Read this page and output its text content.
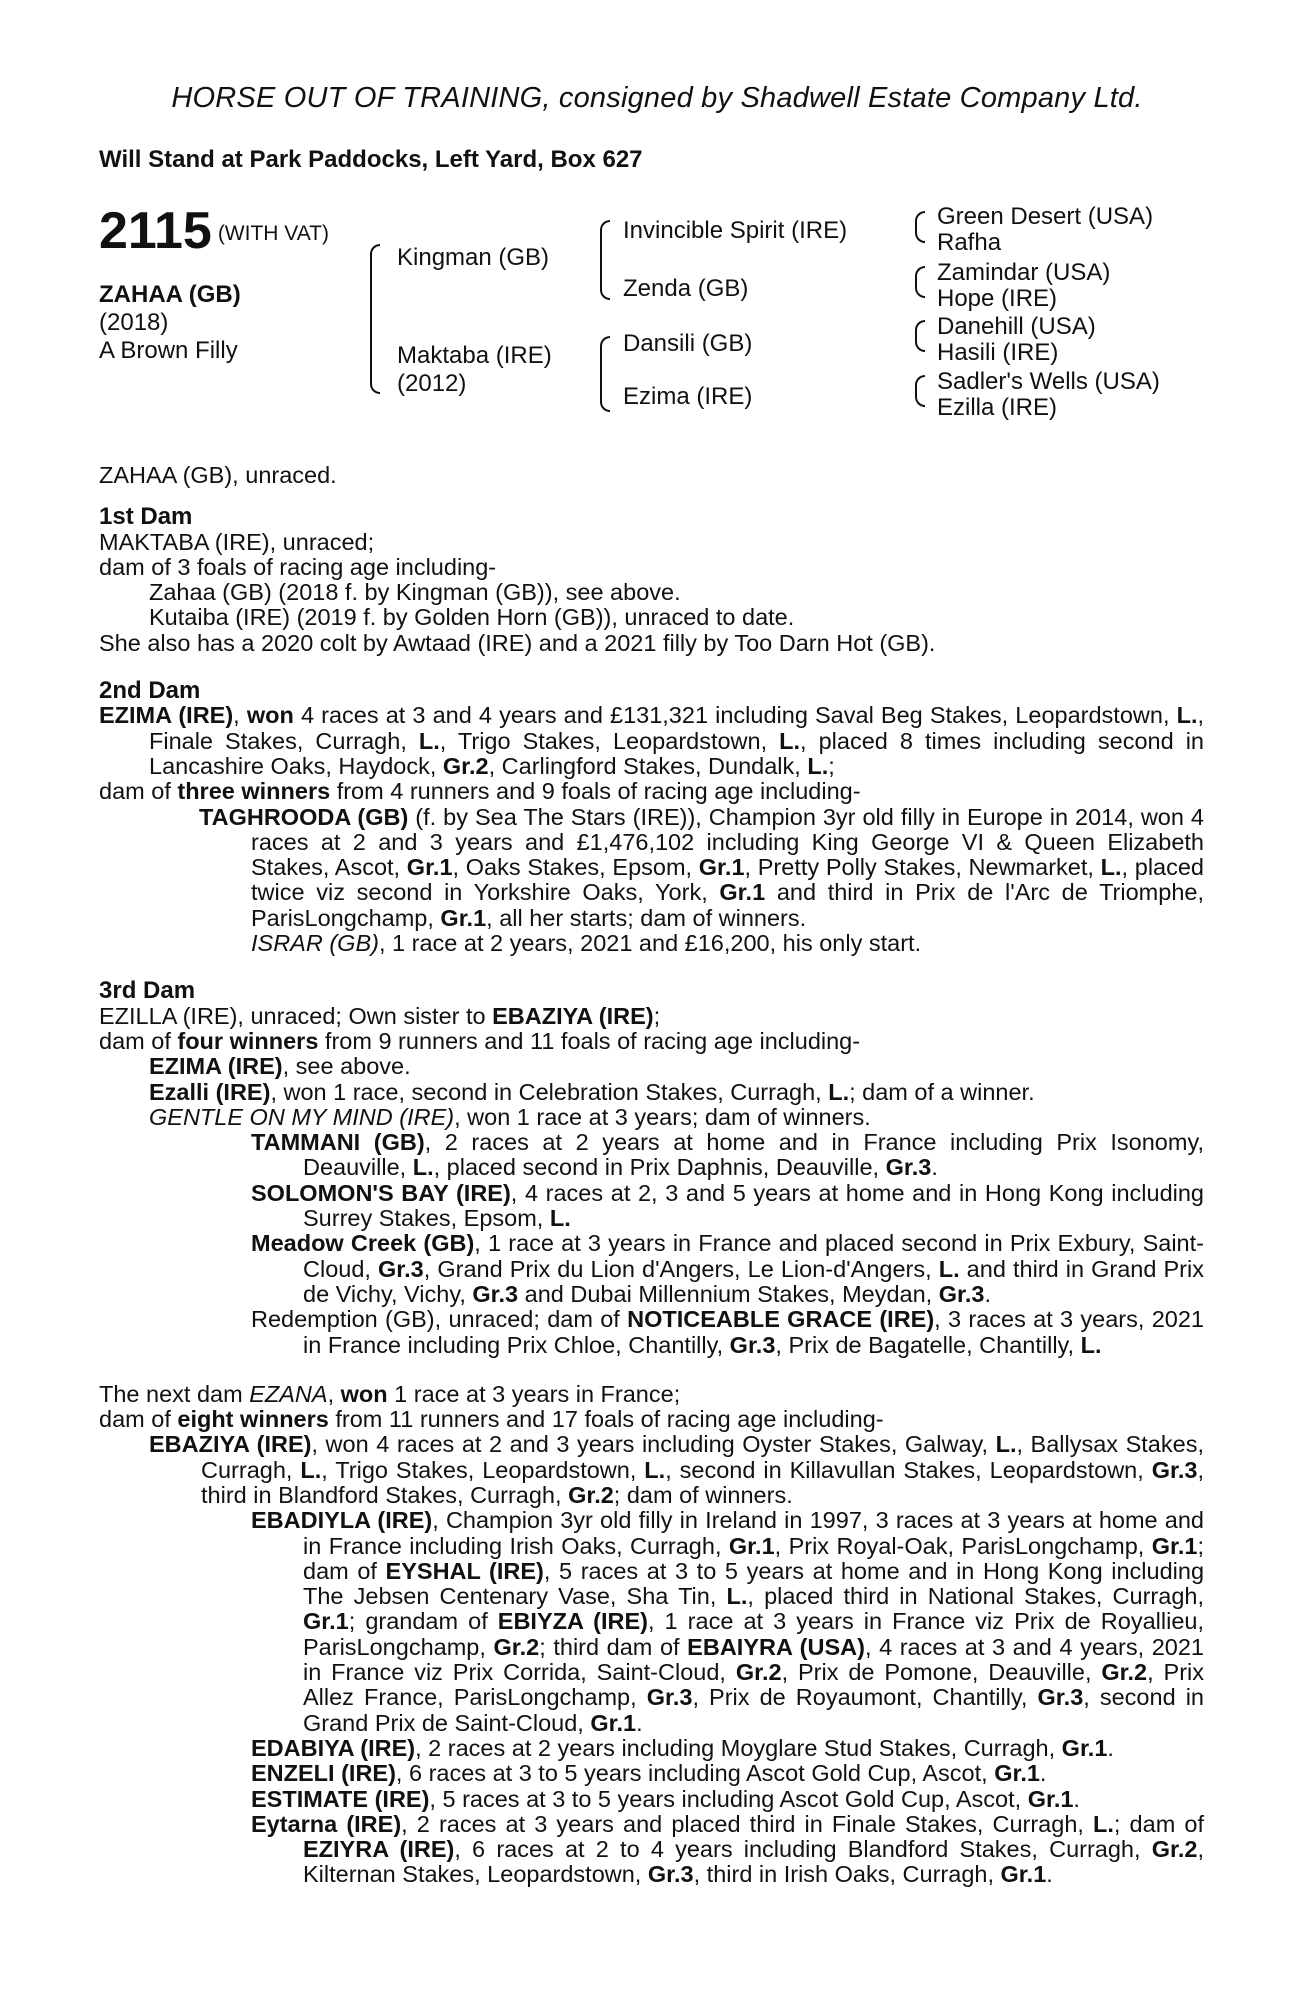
HORSE OUT OF TRAINING, consigned by Shadwell Estate Company Ltd.
Will Stand at Park Paddocks, Left Yard, Box 627
2115 (WITH VAT)
ZAHAA (GB)
(2018)
A Brown Filly
Kingman (GB)
Maktaba (IRE)
(2012)
Invincible Spirit (IRE)
Zenda (GB)
Dansili (GB)
Ezima (IRE)
Green Desert (USA)
Rafha
Zamindar (USA)
Hope (IRE)
Danehill (USA)
Hasili (IRE)
Sadler's Wells (USA)
Ezilla (IRE)

ZAHAA (GB), unraced.

1st Dam

MAKTABA (IRE), unraced;

dam of 3 foals of racing age including-

Zahaa (GB) (2018 f. by Kingman (GB)), see above.

Kutaiba (IRE) (2019 f. by Golden Horn (GB)), unraced to date.

She also has a 2020 colt by Awtaad (IRE) and a 2021 filly by Too Darn Hot (GB).

2nd Dam

EZIMA (IRE), won 4 races at 3 and 4 years and £131,321 including Saval Beg Stakes, Leopardstown, L., Finale Stakes, Curragh, L., Trigo Stakes, Leopardstown, L., placed 8 times including second in Lancashire Oaks, Haydock, Gr.2, Carlingford Stakes, Dundalk, L.;

dam of three winners from 4 runners and 9 foals of racing age including-

TAGHROODA (GB) (f. by Sea The Stars (IRE)), Champion 3yr old filly in Europe in 2014, won 4 races at 2 and 3 years and £1,476,102 including King George VI & Queen Elizabeth Stakes, Ascot, Gr.1, Oaks Stakes, Epsom, Gr.1, Pretty Polly Stakes, Newmarket, L., placed twice viz second in Yorkshire Oaks, York, Gr.1 and third in Prix de l'Arc de Triomphe, ParisLongchamp, Gr.1, all her starts; dam of winners.

ISRAR (GB), 1 race at 2 years, 2021 and £16,200, his only start.

3rd Dam

EZILLA (IRE), unraced; Own sister to EBAZIYA (IRE);

dam of four winners from 9 runners and 11 foals of racing age including-

EZIMA (IRE), see above.

Ezalli (IRE), won 1 race, second in Celebration Stakes, Curragh, L.; dam of a winner.

GENTLE ON MY MIND (IRE), won 1 race at 3 years; dam of winners.

TAMMANI (GB), 2 races at 2 years at home and in France including Prix Isonomy, Deauville, L., placed second in Prix Daphnis, Deauville, Gr.3.

SOLOMON'S BAY (IRE), 4 races at 2, 3 and 5 years at home and in Hong Kong including Surrey Stakes, Epsom, L.

Meadow Creek (GB), 1 race at 3 years in France and placed second in Prix Exbury, Saint-Cloud, Gr.3, Grand Prix du Lion d'Angers, Le Lion-d'Angers, L. and third in Grand Prix de Vichy, Vichy, Gr.3 and Dubai Millennium Stakes, Meydan, Gr.3.

Redemption (GB), unraced; dam of NOTICEABLE GRACE (IRE), 3 races at 3 years, 2021 in France including Prix Chloe, Chantilly, Gr.3, Prix de Bagatelle, Chantilly, L.

The next dam EZANA, won 1 race at 3 years in France;

dam of eight winners from 11 runners and 17 foals of racing age including-

EBAZIYA (IRE), won 4 races at 2 and 3 years including Oyster Stakes, Galway, L., Ballysax Stakes, Curragh, L., Trigo Stakes, Leopardstown, L., second in Killavullan Stakes, Leopardstown, Gr.3, third in Blandford Stakes, Curragh, Gr.2; dam of winners.

EBADIYLA (IRE), Champion 3yr old filly in Ireland in 1997, 3 races at 3 years at home and in France including Irish Oaks, Curragh, Gr.1, Prix Royal-Oak, ParisLongchamp, Gr.1; dam of EYSHAL (IRE), 5 races at 3 to 5 years at home and in Hong Kong including The Jebsen Centenary Vase, Sha Tin, L., placed third in National Stakes, Curragh, Gr.1; grandam of EBIYZA (IRE), 1 race at 3 years in France viz Prix de Royallieu, ParisLongchamp, Gr.2; third dam of EBAIYRA (USA), 4 races at 3 and 4 years, 2021 in France viz Prix Corrida, Saint-Cloud, Gr.2, Prix de Pomone, Deauville, Gr.2, Prix Allez France, ParisLongchamp, Gr.3, Prix de Royaumont, Chantilly, Gr.3, second in Grand Prix de Saint-Cloud, Gr.1.

EDABIYA (IRE), 2 races at 2 years including Moyglare Stud Stakes, Curragh, Gr.1.

ENZELI (IRE), 6 races at 3 to 5 years including Ascot Gold Cup, Ascot, Gr.1.

ESTIMATE (IRE), 5 races at 3 to 5 years including Ascot Gold Cup, Ascot, Gr.1.

Eytarna (IRE), 2 races at 3 years and placed third in Finale Stakes, Curragh, L.; dam of EZIYRA (IRE), 6 races at 2 to 4 years including Blandford Stakes, Curragh, Gr.2, Kilternan Stakes, Leopardstown, Gr.3, third in Irish Oaks, Curragh, Gr.1.
